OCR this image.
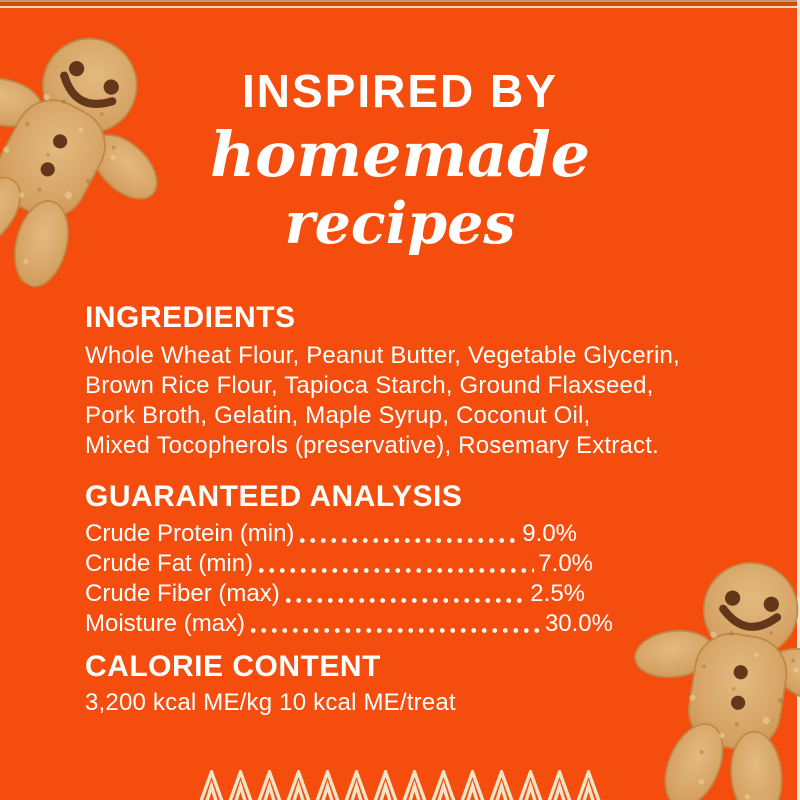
INSPIRED BY
homemade
recipes
INGREDIENTS
Whole Wheat Flour, Peanut Butter, Vegetable Glycerin,
Brown Rice Flour, Tapioca Starch, Ground Flaxseed,
Pork Broth, Gelatin, Maple Syrup, Coconut Oil,
Mixed Tocopherols (preservative), Rosemary Extract.
GUARANTEED ANALYSIS
Crude Protein (min)	9.0%
Crude Fat (min)	7.0%
Crude Fiber (max)	2.5%
Moisture (max)	30.0%
CALORIE CONTENT
3,200 kcal ME/kg 10 kcal ME/treat
